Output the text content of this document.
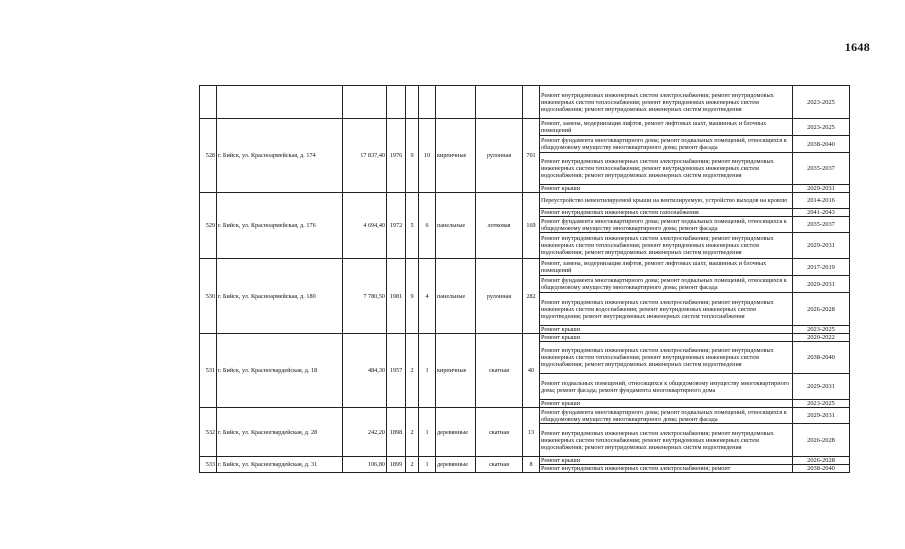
1648
									Ремонт внутридомовых инженерных систем электроснабжения; ремонт внутридомовых инженерных систем теплоснабжения; ремонт внутридомовых инженерных систем водоснабжения; ремонт внутридомовых инженерных систем водоотведения	2023-2025
528	г. Бийск, ул. Красноармейская, д. 174	17 837,40	1976	9	10	кирпичные	рулонная	701	Ремонт, замена, модернизация лифтов, ремонт лифтовых шахт, машинных и блочных помещений	2023-2025
									Ремонт фундамента многоквартирного дома; ремонт подвальных помещений, относящихся к общедомовому имуществу многоквартирного дома; ремонт фасада	2038-2040
									Ремонт внутридомовых инженерных систем электроснабжения; ремонт внутридомовых инженерных систем теплоснабжения; ремонт внутридомовых инженерных систем водоснабжения; ремонт внутридомовых инженерных систем водоотведения	2035-2037
									Ремонт крыши	2029-2031
529	г. Бийск, ул. Красноармейская, д. 176	4 694,40	1972	5	6	панельные	лотковая	169	Переустройство невентилируемой крыши на вентилируемую, устройство выходов на кровлю	2014-2016
									Ремонт внутридомовых инженерных систем газоснабжения	2041-2043
									Ремонт фундамента многоквартирного дома; ремонт подвальных помещений, относящихся к общедомовому имуществу многоквартирного дома; ремонт фасада	2035-2037
									Ремонт внутридомовых инженерных систем электроснабжения; ремонт внутридомовых инженерных систем теплоснабжения; ремонт внутридомовых инженерных систем водоснабжения; ремонт внутридомовых инженерных систем водоотведения	2029-2031
530	г. Бийск, ул. Красноармейская, д. 180	7 780,50	1981	9	4	панельные	рулонная	282	Ремонт, замена, модернизация лифтов, ремонт лифтовых шахт, машинных и блочных помещений	2017-2019
									Ремонт фундамента многоквартирного дома; ремонт подвальных помещений, относящихся к общедомовому имуществу многоквартирного дома; ремонт фасада	2029-2031
									Ремонт внутридомовых инженерных систем электроснабжения; ремонт внутридомовых инженерных систем водоснабжения; ремонт внутридомовых инженерных систем водоотведения; ремонт внутридомовых инженерных систем теплоснабжения	2026-2028
									Ремонт крыши	2023-2025
531	г. Бийск, ул. Красногвардейская, д. 18	484,30	1957	2	1	кирпичные	скатная	40	Ремонт крыши	2020-2022
									Ремонт внутридомовых инженерных систем электроснабжения; ремонт внутридомовых инженерных систем теплоснабжения; ремонт внутридомовых инженерных систем водоснабжения; ремонт внутридомовых инженерных систем водоотведения	2038-2040
									Ремонт подвальных помещений, относящихся к общедомовому имуществу многоквартирного дома; ремонт фасада; ремонт фундамента многоквартирного дома	2029-2031
									Ремонт крыши	2023-2025
532	г. Бийск, ул. Красногвардейская, д. 28	242,20	1898	2	1	деревянные	скатная	13	Ремонт фундамента многоквартирного дома; ремонт подвальных помещений, относящихся к общедомовому имуществу многоквартирного дома; ремонт фасада	2029-2031
									Ремонт внутридомовых инженерных систем электроснабжения; ремонт внутридомовых инженерных систем теплоснабжения; ремонт внутридомовых инженерных систем водоснабжения; ремонт внутридомовых инженерных систем водоотведения	2026-2028
533	г. Бийск, ул. Красногвардейская, д. 31	106,80	1899	2	1	деревянные	скатная	8	Ремонт крыши	2026-2028
									Ремонт внутридомовых инженерных систем электроснабжения; ремонт	2038-2040
